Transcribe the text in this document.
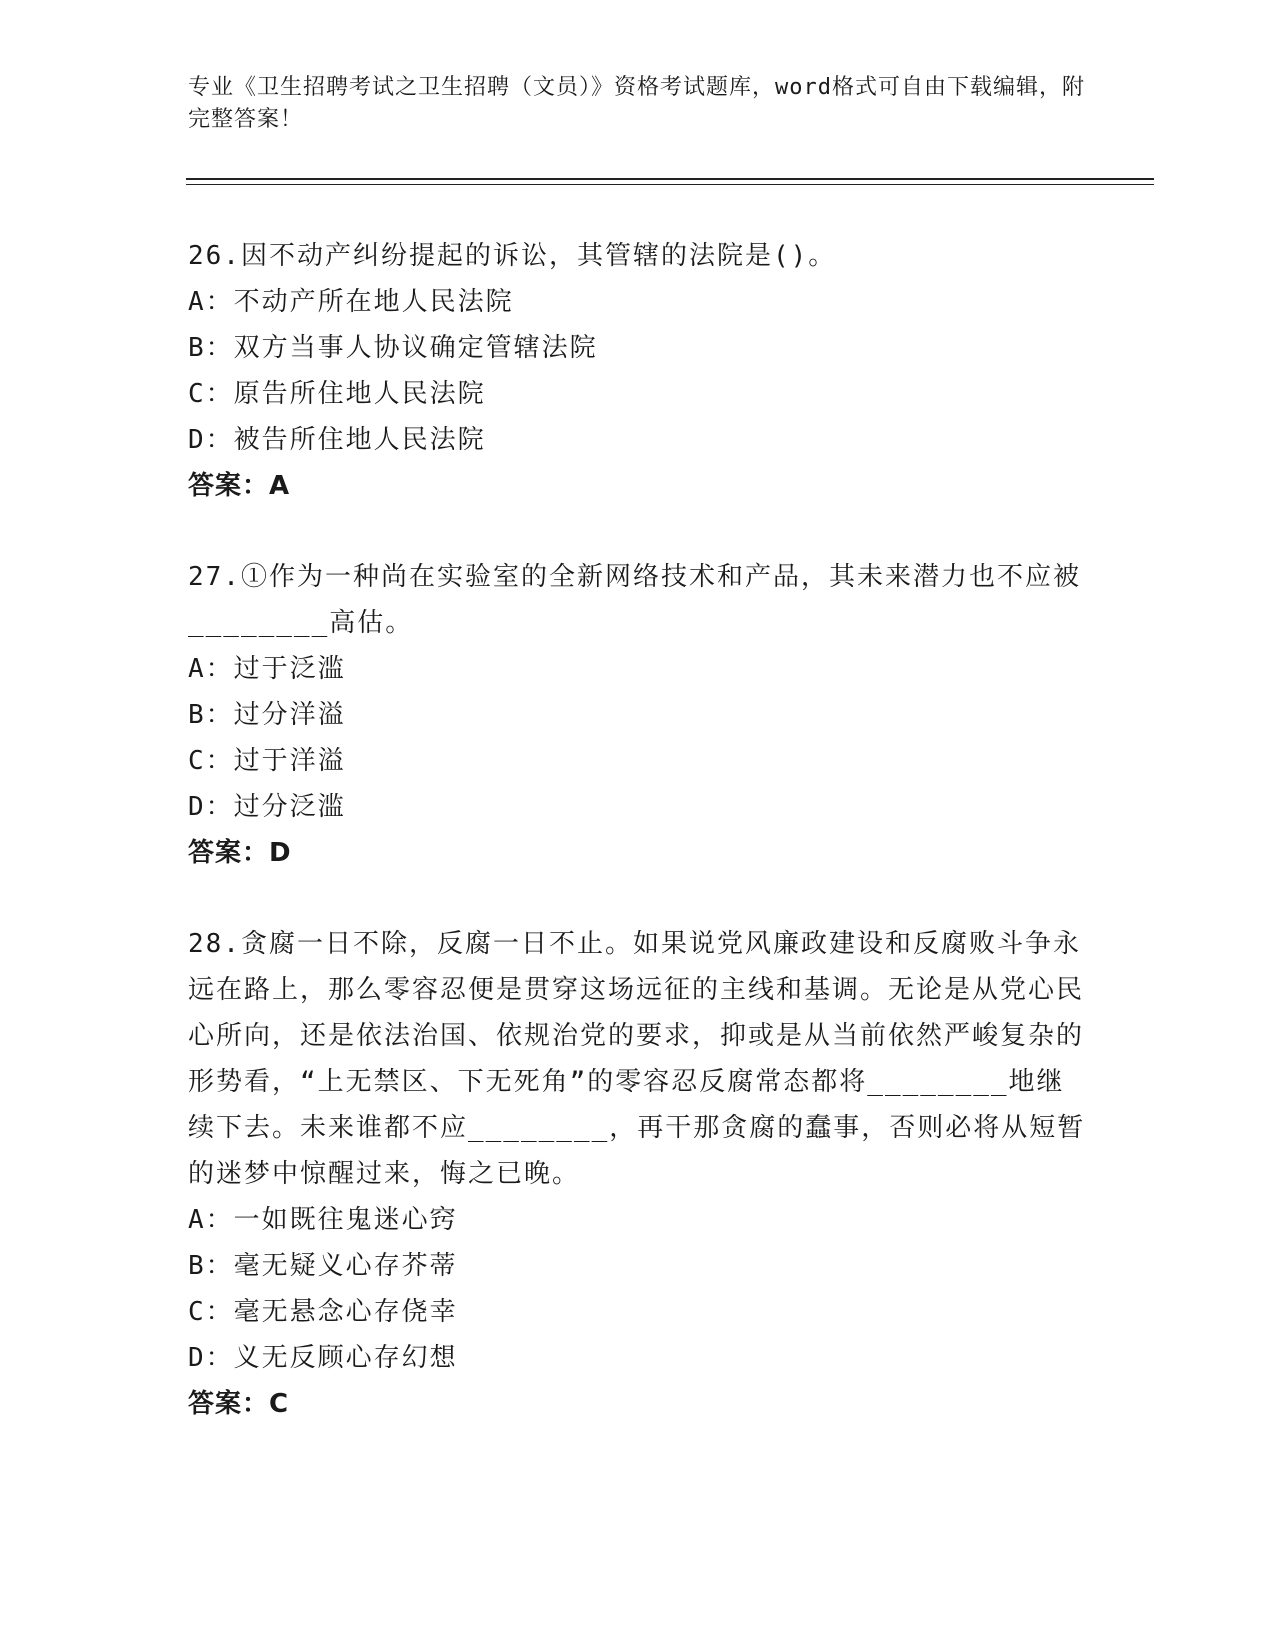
专业《卫生招聘考试之卫生招聘（文员）》资格考试题库，word格式可自由下载编辑，附完整答案！

26.因不动产纠纷提起的诉讼，其管辖的法院是()。

A：不动产所在地人民法院

B：双方当事人协议确定管辖法院

C：原告所住地人民法院

D：被告所住地人民法院

答案：A

27.①作为一种尚在实验室的全新网络技术和产品，其未来潜力也不应被________高估。

A：过于泛滥

B：过分洋溢

C：过于洋溢

D：过分泛滥

答案：D

28.贪腐一日不除，反腐一日不止。如果说党风廉政建设和反腐败斗争永远在路上，那么零容忍便是贯穿这场远征的主线和基调。无论是从党心民心所向，还是依法治国、依规治党的要求，抑或是从当前依然严峻复杂的形势看，“上无禁区、下无死角”的零容忍反腐常态都将________地继续下去。未来谁都不应________，再干那贪腐的蠢事，否则必将从短暂的迷梦中惊醒过来，悔之已晚。

A：一如既往鬼迷心窍

B：毫无疑义心存芥蒂

C：毫无悬念心存侥幸

D：义无反顾心存幻想

答案：C
